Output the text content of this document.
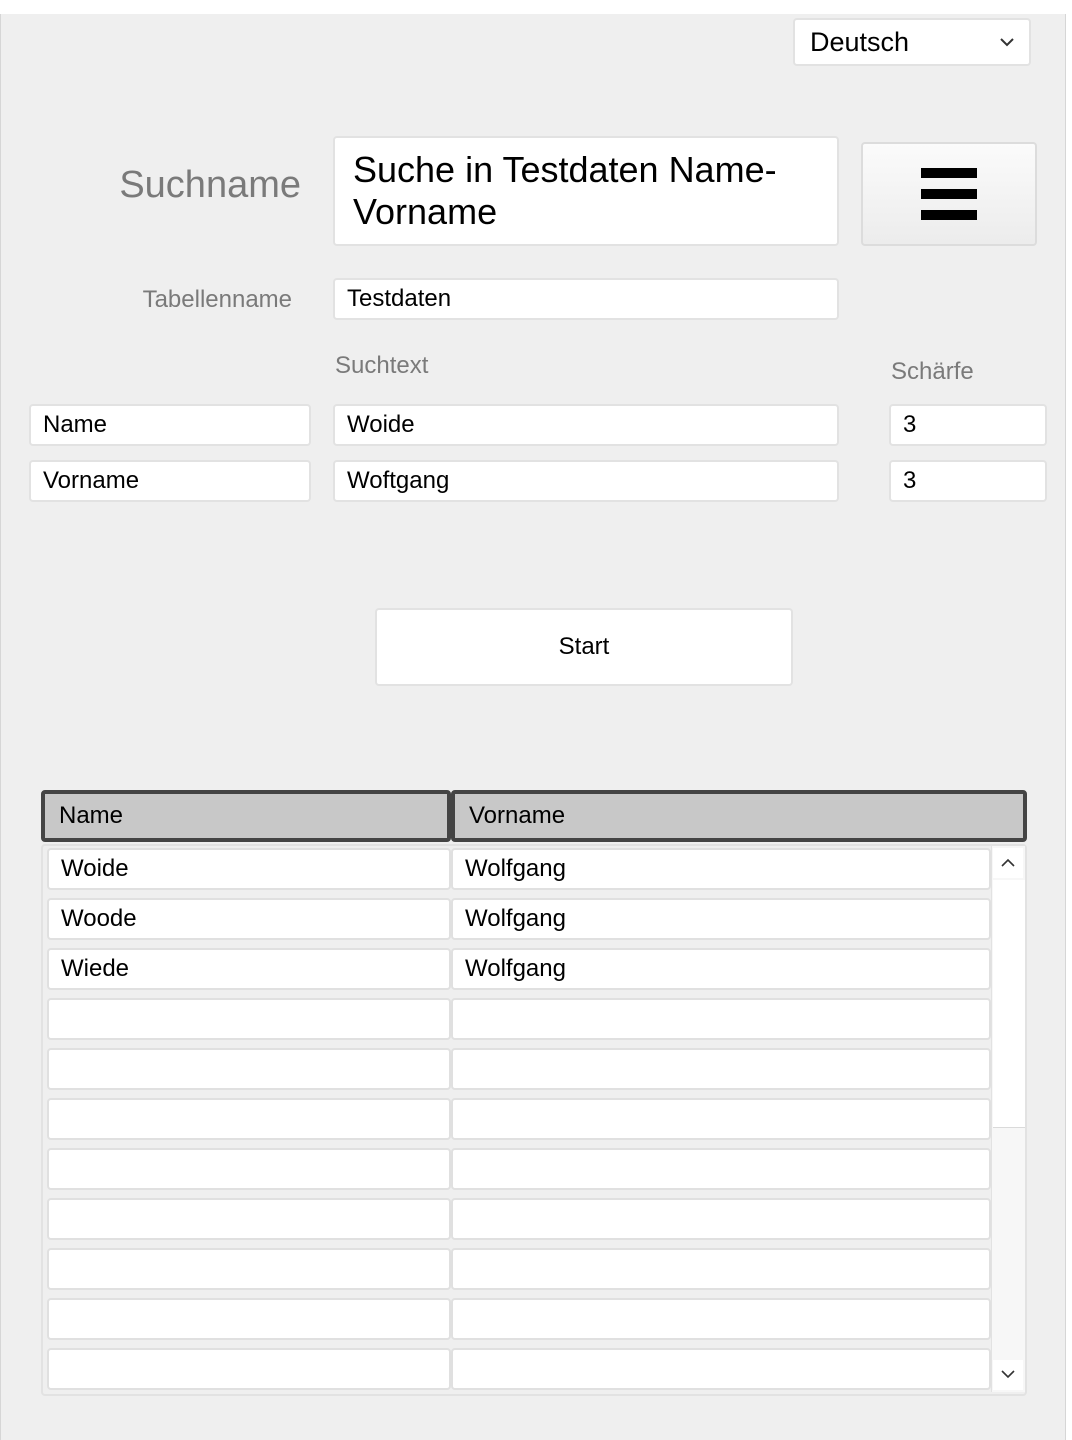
Deutsch
Suchname Suche in Testdaten Name-Vorname
Tabellenname Testdaten
Suchtext	Schärfe
Name	Woide	3
Vorname	Woftgang	3
Start
Name	Vorname
Woide	Wolfgang
Woode	Wolfgang
Wiede	Wolfgang
